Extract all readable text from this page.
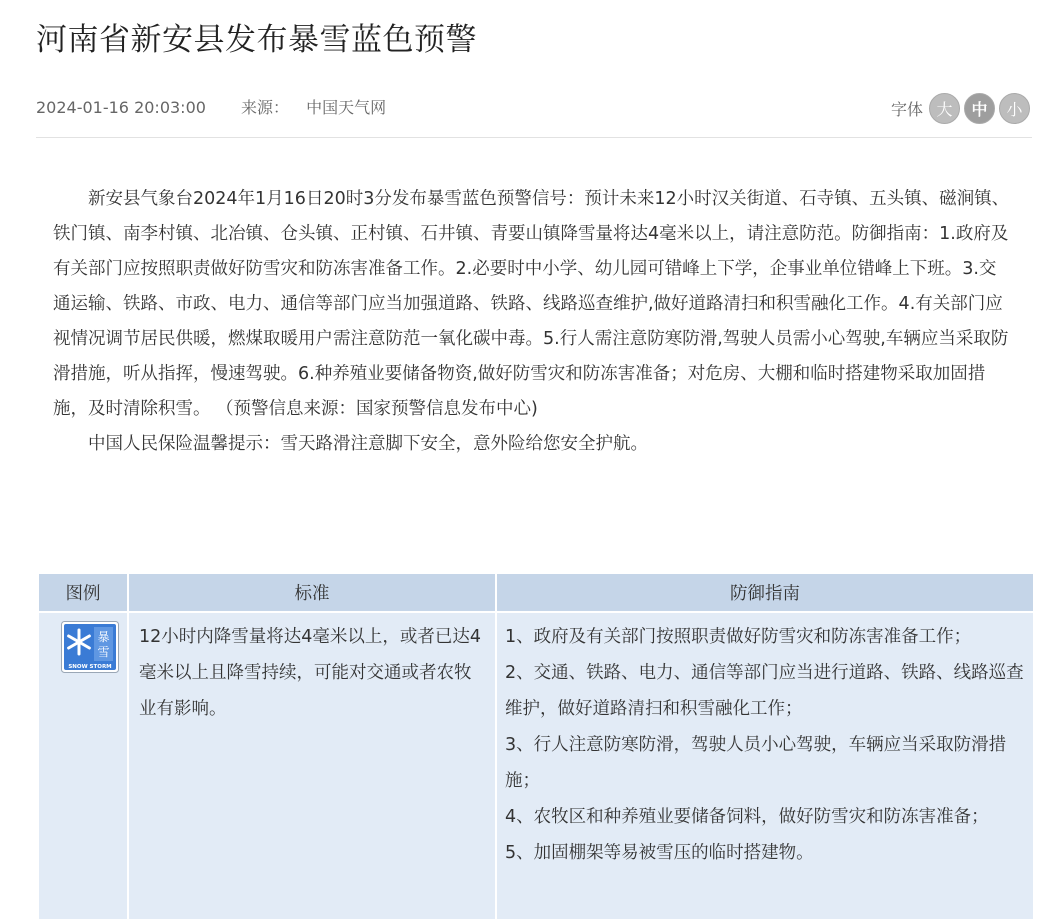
河南省新安县发布暴雪蓝色预警
2024-01-16 20:03:00 来源： 中国天气网	字体 大	中	小

新安县气象台2024年1月16日20时3分发布暴雪蓝色预警信号：预计未来12小时汉关街道、石寺镇、五头镇、磁涧镇、铁门镇、南李村镇、北冶镇、仓头镇、正村镇、石井镇、青要山镇降雪量将达4毫米以上，请注意防范。防御指南：1.政府及有关部门应按照职责做好防雪灾和防冻害准备工作。2.必要时中小学、幼儿园可错峰上下学，企事业单位错峰上下班。3.交通运输、铁路、市政、电力、通信等部门应当加强道路、铁路、线路巡查维护,做好道路清扫和积雪融化工作。4.有关部门应视情况调节居民供暖，燃煤取暖用户需注意防范一氧化碳中毒。5.行人需注意防寒防滑,驾驶人员需小心驾驶,车辆应当采取防滑措施，听从指挥，慢速驾驶。6.种养殖业要储备物资,做好防雪灾和防冻害准备；对危房、大棚和临时搭建物采取加固措施，及时清除积雪。 （预警信息来源：国家预警信息发布中心)

中国人民保险温馨提示：雪天路滑注意脚下安全，意外险给您安全护航。

图例	标准	防御指南

暴
雪
SNOW STORM	12小时内降雪量将达4毫米以上，或者已达4毫米以上且降雪持续，可能对交通或者农牧业有影响。	1、政府及有关部门按照职责做好防雪灾和防冻害准备工作；
2、交通、铁路、电力、通信等部门应当进行道路、铁路、线路巡查维护，做好道路清扫和积雪融化工作；
3、行人注意防寒防滑，驾驶人员小心驾驶，车辆应当采取防滑措施；
4、农牧区和种养殖业要储备饲料，做好防雪灾和防冻害准备；
5、加固棚架等易被雪压的临时搭建物。
